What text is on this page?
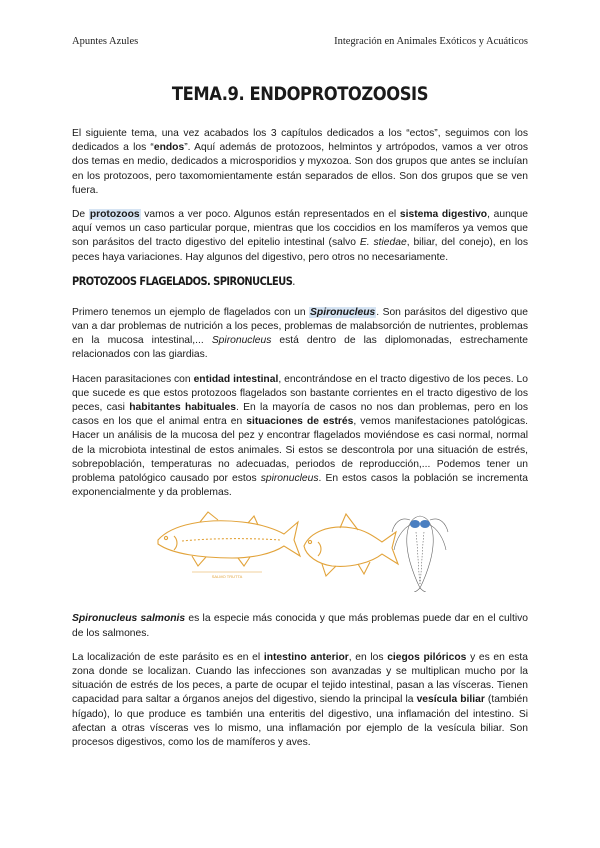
Apuntes Azules	Integración en Animales Exóticos y Acuáticos
TEMA.9. ENDOPROTOZOOSIS

El siguiente tema, una vez acabados los 3 capítulos dedicados a los “ectos”, seguimos con los dedicados a los “endos”. Aquí además de protozoos, helmintos y artrópodos, vamos a ver otros dos temas en medio, dedicados a microsporidios y myxozoa. Son dos grupos que antes se incluían en los protozoos, pero taxomomientamente están separados de ellos. Son dos grupos que se ven fuera.

De protozoos vamos a ver poco. Algunos están representados en el sistema digestivo, aunque aquí vemos un caso particular porque, mientras que los coccidios en los mamíferos ya vemos que son parásitos del tracto digestivo del epitelio intestinal (salvo E. stiedae, biliar, del conejo), en los peces haya variaciones. Hay algunos del digestivo, pero otros no necesariamente.

PROTOZOOS FLAGELADOS. SPIRONUCLEUS.

Primero tenemos un ejemplo de flagelados con un Spironucleus. Son parásitos del digestivo que van a dar problemas de nutrición a los peces, problemas de malabsorción de nutrientes, problemas en la mucosa intestinal,... Spironucleus está dentro de las diplomonadas, estrechamente relacionados con las giardias.

Hacen parasitaciones con entidad intestinal, encontrándose en el tracto digestivo de los peces. Lo que sucede es que estos protozoos flagelados son bastante corrientes en el tracto digestivo de los peces, casi habitantes habituales. En la mayoría de casos no nos dan problemas, pero en los casos en los que el animal entra en situaciones de estrés, vemos manifestaciones patológicas. Hacer un análisis de la mucosa del pez y encontrar flagelados moviéndose es casi normal, normal de la microbiota intestinal de estos animales. Si estos se descontrola por una situación de estrés, sobrepoblación, temperaturas no adecuadas, periodos de reproducción,... Podemos tener un problema patológico causado por estos spironucleus. En estos casos la población se incrementa exponencialmente y da problemas.

SALMO TRUTTA

Spironucleus salmonis es la especie más conocida y que más problemas puede dar en el cultivo de los salmones.

La localización de este parásito es en el intestino anterior, en los ciegos pilóricos y es en esta zona donde se localizan. Cuando las infecciones son avanzadas y se multiplican mucho por la situación de estrés de los peces, a parte de ocupar el tejido intestinal, pasan a las vísceras. Tienen capacidad para saltar a órganos anejos del digestivo, siendo la principal la vesícula biliar (también hígado), lo que produce es también una enteritis del digestivo, una inflamación del intestino. Si afectan a otras vísceras ves lo mismo, una inflamación por ejemplo de la vesícula biliar. Son procesos digestivos, como los de mamíferos y aves.
